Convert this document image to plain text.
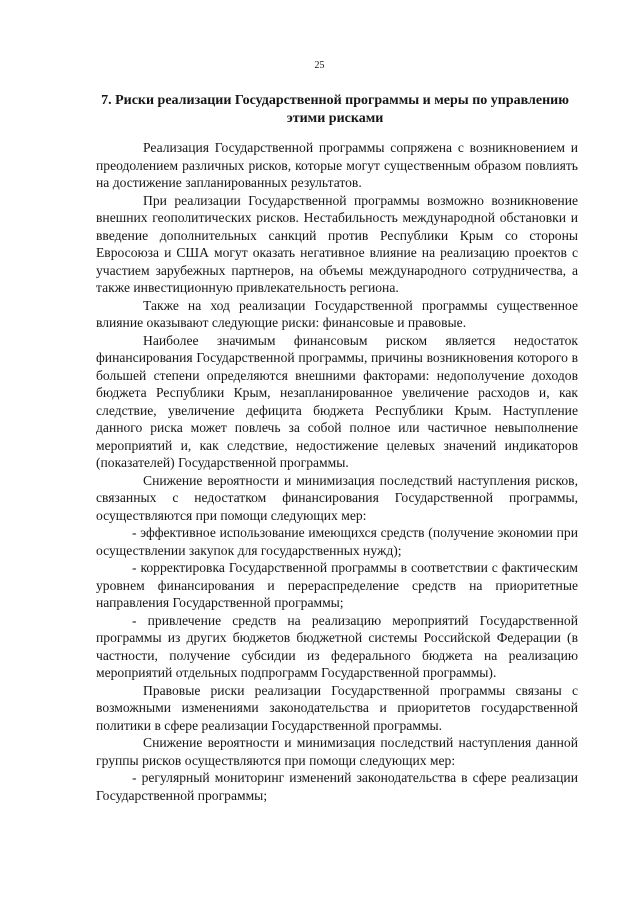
25
7. Риски реализации Государственной программы и меры по управлению этими рисками

Реализация Государственной программы сопряжена с возникновением и преодолением различных рисков, которые могут существенным образом повлиять на достижение запланированных результатов.

При реализации Государственной программы возможно возникновение внешних геополитических рисков. Нестабильность международной обстановки и введение дополнительных санкций против Республики Крым со стороны Евросоюза и США могут оказать негативное влияние на реализацию проектов с участием зарубежных партнеров, на объемы международного сотрудничества, а также инвестиционную привлекательность региона.

Также на ход реализации Государственной программы существенное влияние оказывают следующие риски: финансовые и правовые.

Наиболее значимым финансовым риском является недостаток финансирования Государственной программы, причины возникновения которого в большей степени определяются внешними факторами: недополучение доходов бюджета Республики Крым, незапланированное увеличение расходов и, как следствие, увеличение дефицита бюджета Республики Крым. Наступление данного риска может повлечь за собой полное или частичное невыполнение мероприятий и, как следствие, недостижение целевых значений индикаторов (показателей) Государственной программы.

Снижение вероятности и минимизация последствий наступления рисков, связанных с недостатком финансирования Государственной программы, осуществляются при помощи следующих мер:

- эффективное использование имеющихся средств (получение экономии при осуществлении закупок для государственных нужд);

- корректировка Государственной программы в соответствии с фактическим уровнем финансирования и перераспределение средств на приоритетные направления Государственной программы;

- привлечение средств на реализацию мероприятий Государственной программы из других бюджетов бюджетной системы Российской Федерации (в частности, получение субсидии из федерального бюджета на реализацию мероприятий отдельных подпрограмм Государственной программы).

Правовые риски реализации Государственной программы связаны с возможными изменениями законодательства и приоритетов государственной политики в сфере реализации Государственной программы.

Снижение вероятности и минимизация последствий наступления данной группы рисков осуществляются при помощи следующих мер:

- регулярный мониторинг изменений законодательства в сфере реализации Государственной программы;
